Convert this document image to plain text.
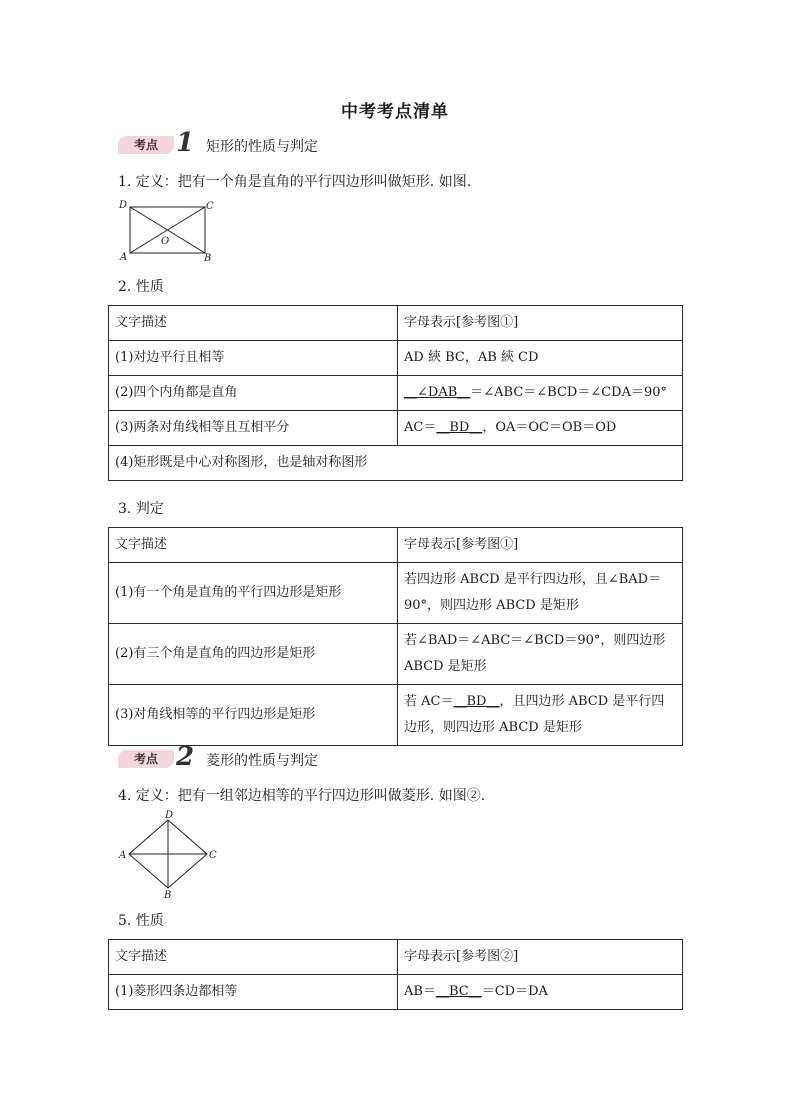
中考考点清单
考点 1 矩形的性质与判定
1. 定义：把有一个角是直角的平行四边形叫做矩形. 如图.
D	C
O
A	B
2. 性质
文字描述	字母表示[参考图①]
(1)对边平行且相等	AD 綊 BC，AB 綊 CD
(2)四个内角都是直角	__∠DAB__＝∠ABC＝∠BCD＝∠CDA＝90°
(3)两条对角线相等且互相平分	AC＝__BD__，OA＝OC＝OB＝OD
(4)矩形既是中心对称图形，也是轴对称图形	
3. 判定
文字描述	字母表示[参考图①]
(1)有一个角是直角的平行四边形是矩形	若四边形 ABCD 是平行四边形，且∠BAD＝90°，则四边形 ABCD 是矩形
(2)有三个角是直角的四边形是矩形	若∠BAD＝∠ABC＝∠BCD＝90°，则四边形 ABCD 是矩形
(3)对角线相等的平行四边形是矩形	若 AC＝__BD__，且四边形 ABCD 是平行四边形，则四边形 ABCD 是矩形
考点 2 菱形的性质与判定
4. 定义：把有一组邻边相等的平行四边形叫做菱形. 如图②.
D
A	C
B
5. 性质
文字描述	字母表示[参考图②]
(1)菱形四条边都相等	AB＝__BC__＝CD＝DA
